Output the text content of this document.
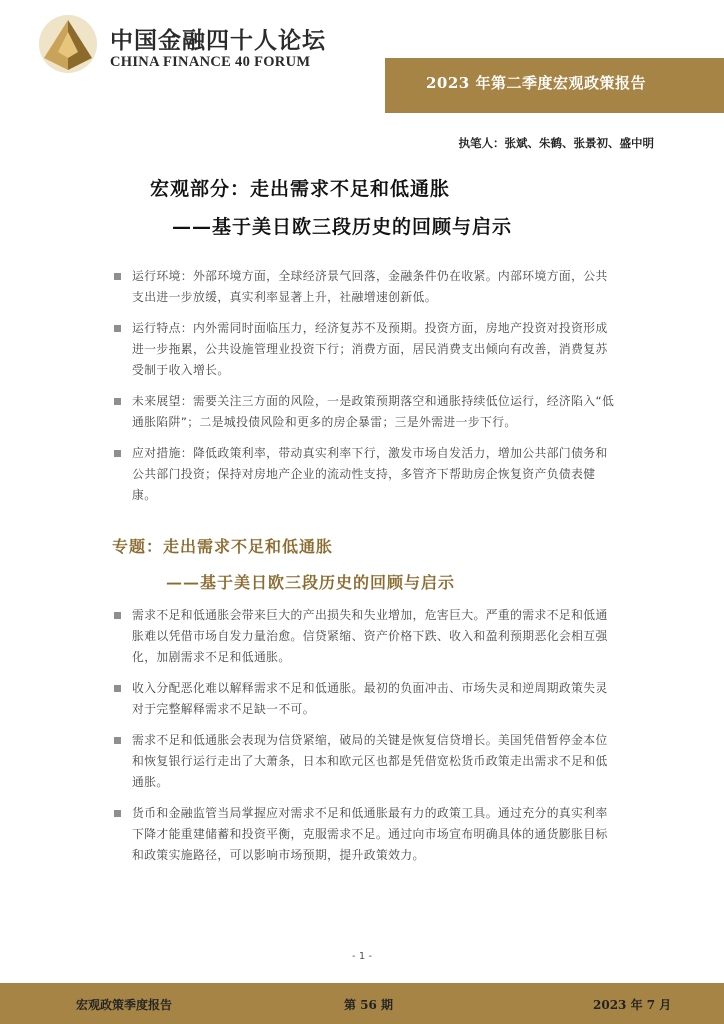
中国金融四十人论坛
CHINA FINANCE 40 FORUM
2023 年第二季度宏观政策报告
执笔人：张斌、朱鹤、张景初、盛中明
宏观部分：走出需求不足和低通胀
——基于美日欧三段历史的回顾与启示
运行环境：外部环境方面，全球经济景气回落，金融条件仍在收紧。内部环境方面，公共支出进一步放缓，真实利率显著上升，社融增速创新低。
运行特点：内外需同时面临压力，经济复苏不及预期。投资方面，房地产投资对投资形成进一步拖累，公共设施管理业投资下行；消费方面，居民消费支出倾向有改善，消费复苏受制于收入增长。
未来展望：需要关注三方面的风险，一是政策预期落空和通胀持续低位运行，经济陷入“低通胀陷阱”；二是城投债风险和更多的房企暴雷；三是外需进一步下行。
应对措施：降低政策利率，带动真实利率下行，激发市场自发活力，增加公共部门债务和公共部门投资；保持对房地产企业的流动性支持，多管齐下帮助房企恢复资产负债表健康。
专题：走出需求不足和低通胀
——基于美日欧三段历史的回顾与启示
需求不足和低通胀会带来巨大的产出损失和失业增加，危害巨大。严重的需求不足和低通胀难以凭借市场自发力量治愈。信贷紧缩、资产价格下跌、收入和盈利预期恶化会相互强化，加剧需求不足和低通胀。
收入分配恶化难以解释需求不足和低通胀。最初的负面冲击、市场失灵和逆周期政策失灵对于完整解释需求不足缺一不可。
需求不足和低通胀会表现为信贷紧缩，破局的关键是恢复信贷增长。美国凭借暂停金本位和恢复银行运行走出了大萧条，日本和欧元区也都是凭借宽松货币政策走出需求不足和低通胀。
货币和金融监管当局掌握应对需求不足和低通胀最有力的政策工具。通过充分的真实利率下降才能重建储蓄和投资平衡，克服需求不足。通过向市场宣布明确具体的通货膨胀目标和政策实施路径，可以影响市场预期，提升政策效力。
- 1 -
宏观政策季度报告	第 56 期	2023 年 7 月
